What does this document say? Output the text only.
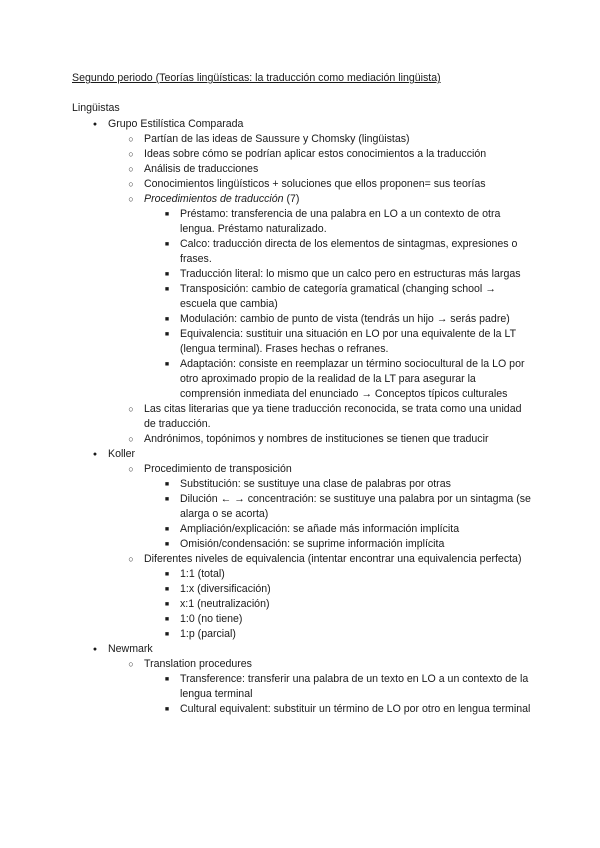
Segundo periodo (Teorías lingüísticas: la traducción como mediación lingüista)
Lingüistas
●	Grupo Estilística Comparada
○ Partían de las ideas de Saussure y Chomsky (lingüistas)
○ Ideas sobre cómo se podrían aplicar estos conocimientos a la traducción
○ Análisis de traducciones
○ Conocimientos lingüísticos + soluciones que ellos proponen= sus teorías
○ Procedimientos de traducción (7)
■	Préstamo: transferencia de una palabra en LO a un contexto de otra lengua. Préstamo naturalizado.
■	Calco: traducción directa de los elementos de sintagmas, expresiones o frases.
■	Traducción literal: lo mismo que un calco pero en estructuras más largas
■	Transposición: cambio de categoría gramatical (changing school → escuela que cambia)
■	Modulación: cambio de punto de vista (tendrás un hijo → serás padre)
■	Equivalencia: sustituir una situación en LO por una equivalente de la LT (lengua terminal). Frases hechas o refranes.
■	Adaptación: consiste en reemplazar un término sociocultural de la LO por otro aproximado propio de la realidad de la LT para asegurar la comprensión inmediata del enunciado → Conceptos típicos culturales
○ Las citas literarias que ya tiene traducción reconocida, se trata como una unidad de traducción.
○ Andrónimos, topónimos y nombres de instituciones se tienen que traducir
●	Koller
○ Procedimiento de transposición
■	Substitución: se sustituye una clase de palabras por otras
■	Dilución ← → concentración: se sustituye una palabra por un sintagma (se alarga o se acorta)
■	Ampliación/explicación: se añade más información implícita
■	Omisión/condensación: se suprime información implícita
○ Diferentes niveles de equivalencia (intentar encontrar una equivalencia perfecta)
■	1:1 (total)
■	1:x (diversificación)
■	x:1 (neutralización)
■	1:0 (no tiene)
■	1:p (parcial)
●	Newmark
○ Translation procedures
■	Transference: transferir una palabra de un texto en LO a un contexto de la lengua terminal
■	Cultural equivalent: substituir un término de LO por otro en lengua terminal
